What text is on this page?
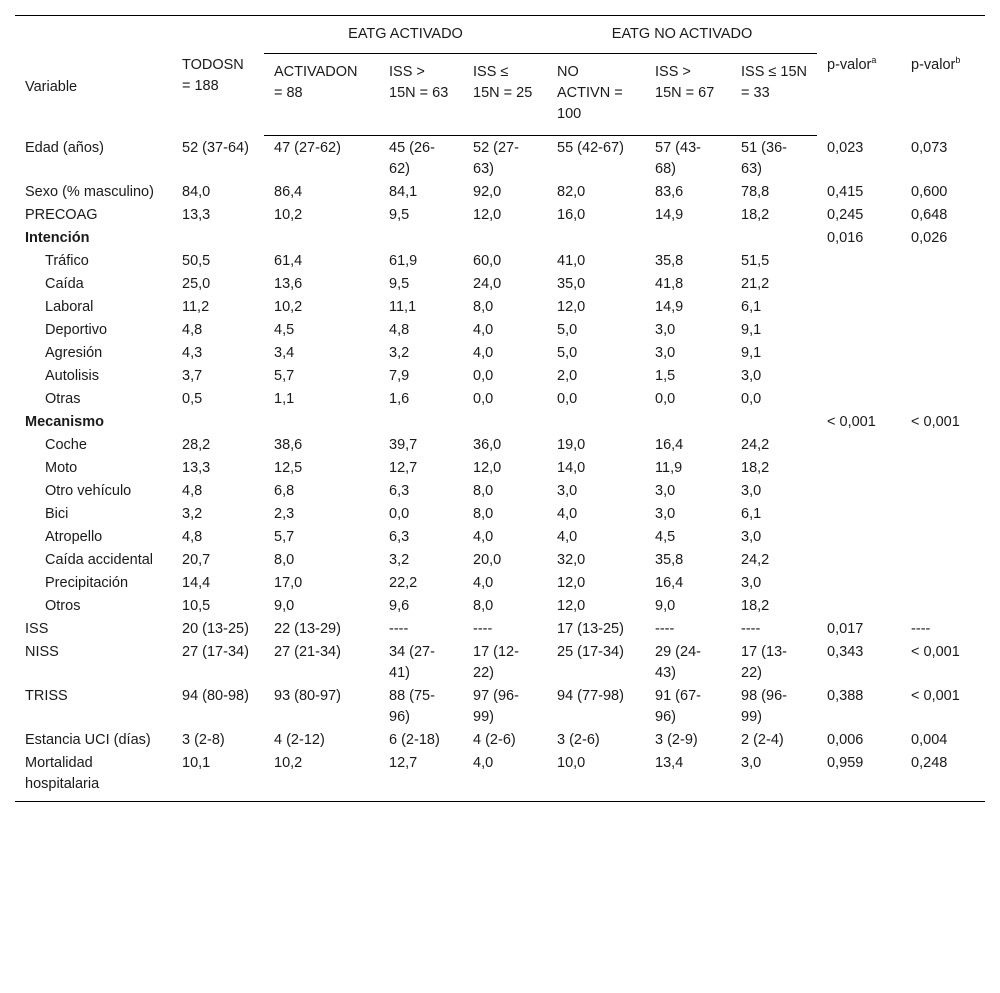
Variable	TODOSN = 188	EATG ACTIVADO			EATG NO ACTIVADO			p-valor$^a$	p-valor$^b$
		ACTIVADON = 88	ISS > 15N = 63	ISS ≤ 15N = 25	NO ACTIVN = 100	ISS > 15N = 67	ISS ≤ 15N = 33		
Edad (años)	52 (37-64)	47 (27-62)	45 (26-62)	52 (27-63)	55 (42-67)	57 (43-68)	51 (36-63)	0,023	0,073
Sexo (% masculino)	84,0	86,4	84,1	92,0	82,0	83,6	78,8	0,415	0,600
PRECOAG	13,3	10,2	9,5	12,0	16,0	14,9	18,2	0,245	0,648
Intención								0,016	0,026
Tráfico	50,5	61,4	61,9	60,0	41,0	35,8	51,5		
Caída	25,0	13,6	9,5	24,0	35,0	41,8	21,2		
Laboral	11,2	10,2	11,1	8,0	12,0	14,9	6,1		
Deportivo	4,8	4,5	4,8	4,0	5,0	3,0	9,1		
Agresión	4,3	3,4	3,2	4,0	5,0	3,0	9,1		
Autolisis	3,7	5,7	7,9	0,0	2,0	1,5	3,0		
Otras	0,5	1,1	1,6	0,0	0,0	0,0	0,0		
Mecanismo								< 0,001	< 0,001
Coche	28,2	38,6	39,7	36,0	19,0	16,4	24,2		
Moto	13,3	12,5	12,7	12,0	14,0	11,9	18,2		
Otro vehículo	4,8	6,8	6,3	8,0	3,0	3,0	3,0		
Bici	3,2	2,3	0,0	8,0	4,0	3,0	6,1		
Atropello	4,8	5,7	6,3	4,0	4,0	4,5	3,0		
Caída accidental	20,7	8,0	3,2	20,0	32,0	35,8	24,2		
Precipitación	14,4	17,0	22,2	4,0	12,0	16,4	3,0		
Otros	10,5	9,0	9,6	8,0	12,0	9,0	18,2		
ISS	20 (13-25)	22 (13-29)	----	----	17 (13-25)	----	----	0,017	----
NISS	27 (17-34)	27 (21-34)	34 (27-41)	17 (12-22)	25 (17-34)	29 (24-43)	17 (13-22)	0,343	< 0,001
TRISS	94 (80-98)	93 (80-97)	88 (75-96)	97 (96-99)	94 (77-98)	91 (67-96)	98 (96-99)	0,388	< 0,001
Estancia UCI (días)	3 (2-8)	4 (2-12)	6 (2-18)	4 (2-6)	3 (2-6)	3 (2-9)	2 (2-4)	0,006	0,004
Mortalidad hospitalaria	10,1	10,2	12,7	4,0	10,0	13,4	3,0	0,959	0,248
